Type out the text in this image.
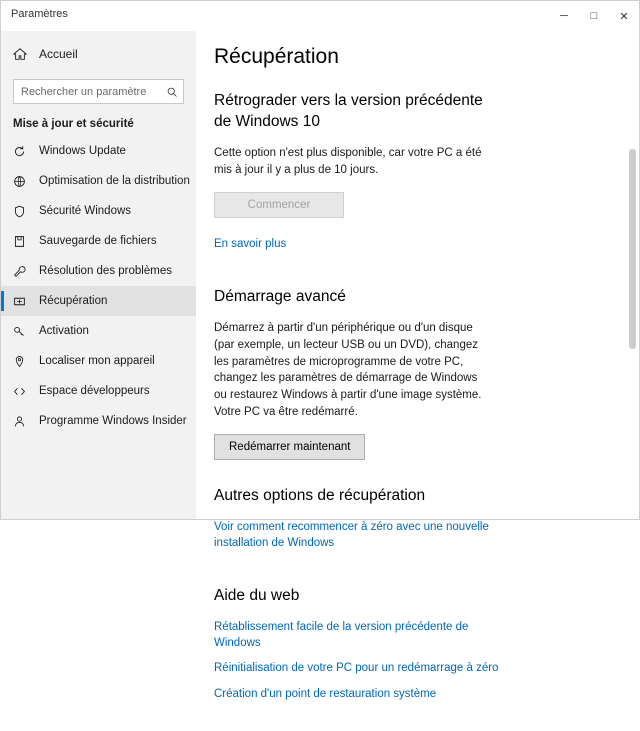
Paramètres	─	□	✕
Accueil
Rechercher un paramètre
Mise à jour et sécurité
Windows Update
Optimisation de la distribution
Sécurité Windows
Sauvegarde de fichiers
Résolution des problèmes
Récupération
Activation
Localiser mon appareil
Espace développeurs
Programme Windows Insider
Récupération
Rétrograder vers la version précédente de Windows 10

Cette option n'est plus disponible, car votre PC a été mis à jour il y a plus de 10 jours.

Commencer
En savoir plus
Démarrage avancé

Démarrez à partir d'un périphérique ou d'un disque (par exemple, un lecteur USB ou un DVD), changez les paramètres de microprogramme de votre PC, changez les paramètres de démarrage de Windows ou restaurez Windows à partir d'une image système. Votre PC va être redémarré.

Redémarrer maintenant
Autres options de récupération
Voir comment recommencer à zéro avec une nouvelle installation de Windows
Aide du web
Rétablissement facile de la version précédente de Windows
Réinitialisation de votre PC pour un redémarrage à zéro
Création d'un point de restauration système
